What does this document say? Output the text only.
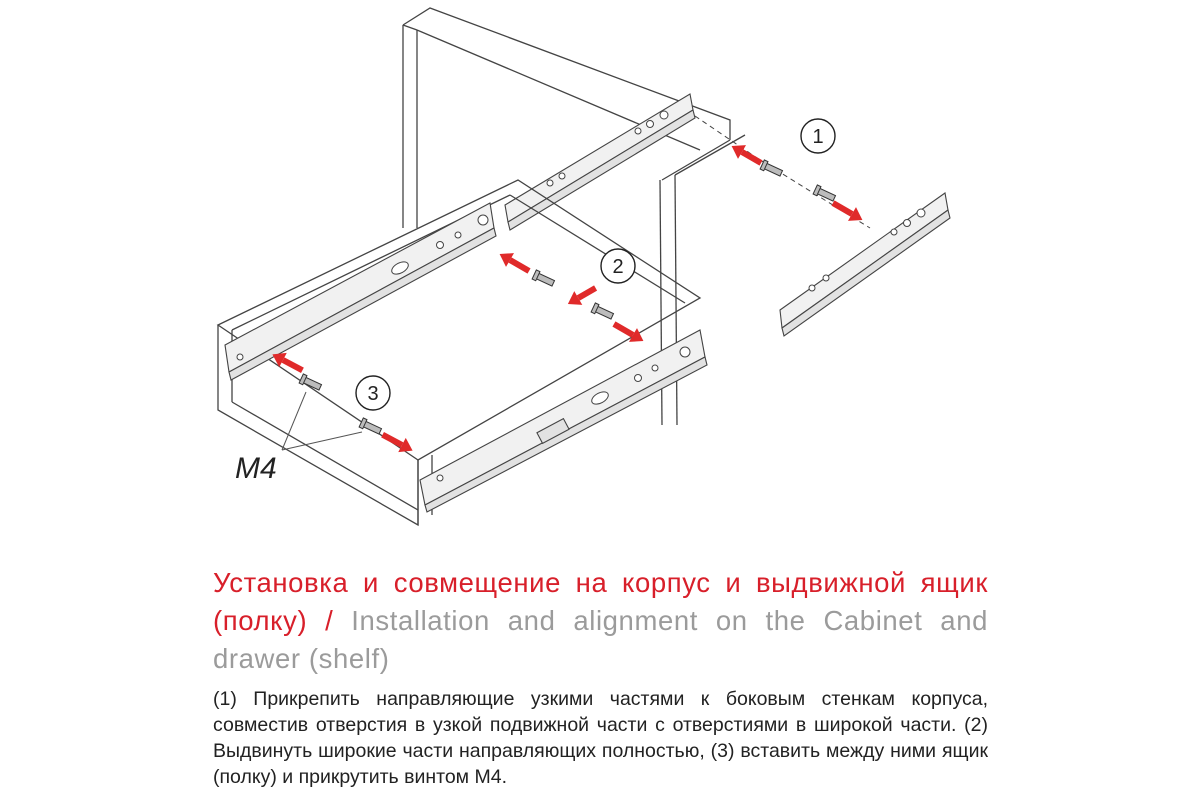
1
2
3
M4
Установка и совмещение на корпус и выдвижной ящик (полку) / Installation and alignment on the Cabinet and drawer (shelf)
(1) Прикрепить направляющие узкими частями к боковым стенкам корпуса, совместив отверстия в узкой подвижной части с отверстиями в широкой части. (2) Выдвинуть широкие части направляющих полностью, (3) вставить между ними ящик (полку) и прикрутить винтом М4.
